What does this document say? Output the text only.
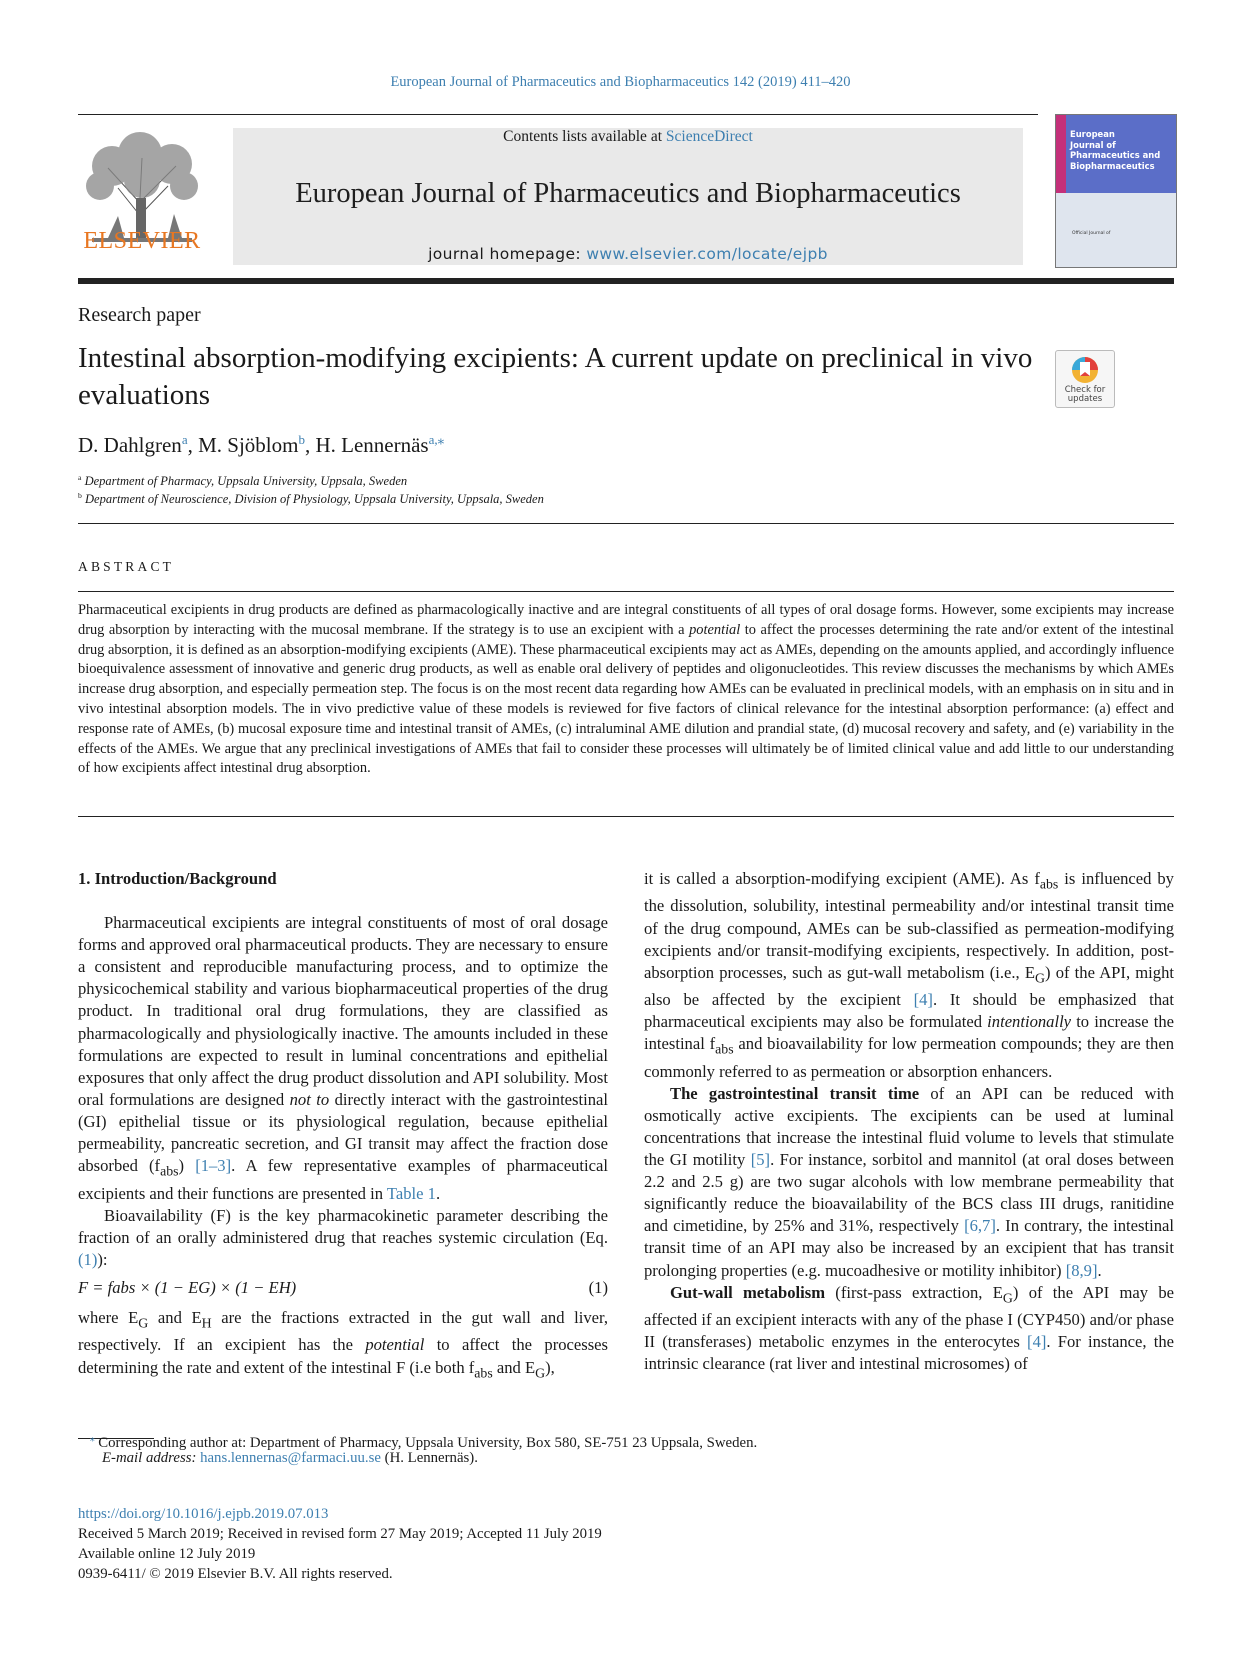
European Journal of Pharmaceutics and Biopharmaceutics 142 (2019) 411–420
ELSEVIER
Contents lists available at ScienceDirect
European Journal of Pharmaceutics and Biopharmaceutics
journal homepage: www.elsevier.com/locate/ejpb
European
Journal of
Pharmaceutics and
Biopharmaceutics
Official Journal of
Research paper
Intestinal absorption-modifying excipients: A current update on preclinical in vivo evaluations	Check for
updates
D. Dahlgren$^a$, M. Sjöblom$^b$, H. Lennernäs$^{a,⁎}$
$^a$ Department of Pharmacy, Uppsala University, Uppsala, Sweden
$^b$ Department of Neuroscience, Division of Physiology, Uppsala University, Uppsala, Sweden
ABSTRACT
Pharmaceutical excipients in drug products are defined as pharmacologically inactive and are integral constituents of all types of oral dosage forms. However, some excipients may increase drug absorption by interacting with the mucosal membrane. If the strategy is to use an excipient with a potential to affect the processes determining the rate and/or extent of the intestinal drug absorption, it is defined as an absorption-modifying excipients (AME). These pharmaceutical excipients may act as AMEs, depending on the amounts applied, and accordingly influence bioequivalence assessment of innovative and generic drug products, as well as enable oral delivery of peptides and oligonucleotides. This review discusses the mechanisms by which AMEs increase drug absorption, and especially permeation step. The focus is on the most recent data regarding how AMEs can be evaluated in preclinical models, with an emphasis on in situ and in vivo intestinal absorption models. The in vivo predictive value of these models is reviewed for five factors of clinical relevance for the intestinal absorption performance: (a) effect and response rate of AMEs, (b) mucosal exposure time and intestinal transit of AMEs, (c) intraluminal AME dilution and prandial state, (d) mucosal recovery and safety, and (e) variability in the effects of the AMEs. We argue that any preclinical investigations of AMEs that fail to consider these processes will ultimately be of limited clinical value and add little to our understanding of how excipients affect intestinal drug absorption.

1. Introduction/Background

Pharmaceutical excipients are integral constituents of most of oral dosage forms and approved oral pharmaceutical products. They are necessary to ensure a consistent and reproducible manufacturing process, and to optimize the physicochemical stability and various biopharmaceutical properties of the drug product. In traditional oral drug formulations, they are classified as pharmacologically and physiologically inactive. The amounts included in these formulations are expected to result in luminal concentrations and epithelial exposures that only affect the drug product dissolution and API solubility. Most oral formulations are designed not to directly interact with the gastrointestinal (GI) epithelial tissue or its physiological regulation, because epithelial permeability, pancreatic secretion, and GI transit may affect the fraction dose absorbed $(f_{abs})$ [1–3]. A few representative examples of pharmaceutical excipients and their functions are presented in Table 1.

Bioavailability (F) is the key pharmacokinetic parameter describing the fraction of an orally administered drug that reaches systemic circulation (Eq. (1)):

F = fabs × (1 − EG) × (1 − EH)	(1)

where $E_G$ and $E_H$ are the fractions extracted in the gut wall and liver, respectively. If an excipient has the potential to affect the processes determining the rate and extent of the intestinal F (i.e both $f_{abs}$ and $E_G$),

it is called a absorption-modifying excipient (AME). As $f_{abs}$ is influenced by the dissolution, solubility, intestinal permeability and/or intestinal transit time of the drug compound, AMEs can be sub-classified as permeation-modifying excipients and/or transit-modifying excipients, respectively. In addition, post-absorption processes, such as gut-wall metabolism (i.e., $E_G$) of the API, might also be affected by the excipient [4]. It should be emphasized that pharmaceutical excipients may also be formulated intentionally to increase the intestinal $f_{abs}$ and bioavailability for low permeation compounds; they are then commonly referred to as permeation or absorption enhancers.

The gastrointestinal transit time of an API can be reduced with osmotically active excipients. The excipients can be used at luminal concentrations that increase the intestinal fluid volume to levels that stimulate the GI motility [5]. For instance, sorbitol and mannitol (at oral doses between 2.2 and 2.5 g) are two sugar alcohols with low membrane permeability that significantly reduce the bioavailability of the BCS class III drugs, ranitidine and cimetidine, by 25% and 31%, respectively [6,7]. In contrary, the intestinal transit time of an API may also be increased by an excipient that has transit prolonging properties (e.g. mucoadhesive or motility inhibitor) [8,9].

Gut-wall metabolism (first-pass extraction, $E_G$) of the API may be affected if an excipient interacts with any of the phase I (CYP450) and/or phase II (transferases) metabolic enzymes in the enterocytes [4]. For instance, the intrinsic clearance (rat liver and intestinal microsomes) of

⁎ Corresponding author at: Department of Pharmacy, Uppsala University, Box 580, SE-751 23 Uppsala, Sweden.
E-mail address: hans.lennernas@farmaci.uu.se (H. Lennernäs).
https://doi.org/10.1016/j.ejpb.2019.07.013
Received 5 March 2019; Received in revised form 27 May 2019; Accepted 11 July 2019
Available online 12 July 2019
0939-6411/ © 2019 Elsevier B.V. All rights reserved.
